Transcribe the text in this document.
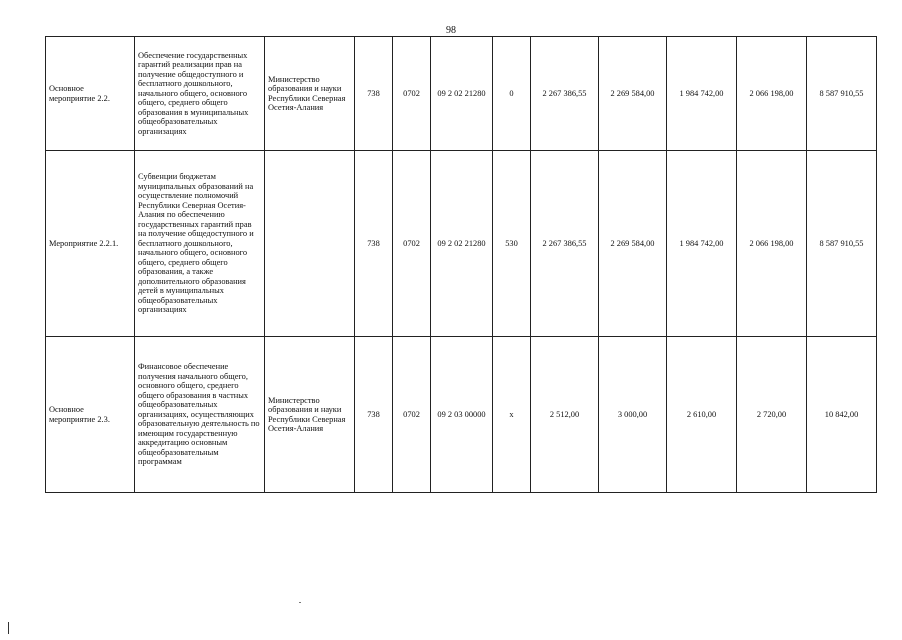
98
Основное мероприятие 2.2.	Обеспечение государственных гарантий реализации прав на получение общедоступного и бесплатного дошкольного, начального общего, основного общего, среднего общего образования в муниципальных общеобразовательных организациях	Министерство образования и науки Республики Северная Осетия-Алания	738	0702	09 2 02 21280	0	2 267 386,55	2 269 584,00	1 984 742,00	2 066 198,00	8 587 910,55
Мероприятие 2.2.1.	Субвенции бюджетам муниципальных образований на осуществление полномочий Республики Северная Осетия-Алания по обеспечению государственных гарантий прав на получение общедоступного и бесплатного дошкольного, начального общего, основного общего, среднего общего образования, а также дополнительного образования детей в муниципальных общеобразовательных организациях		738	0702	09 2 02 21280	530	2 267 386,55	2 269 584,00	1 984 742,00	2 066 198,00	8 587 910,55
Основное мероприятие 2.3.	Финансовое обеспечение получения начального общего, основного общего, среднего общего образования в частных общеобразовательных организациях, осуществляющих образовательную деятельность по имеющим государственную аккредитацию основным общеобразовательным программам	Министерство образования и науки Республики Северная Осетия-Алания	738	0702	09 2 03 00000	х	2 512,00	3 000,00	2 610,00	2 720,00	10 842,00
